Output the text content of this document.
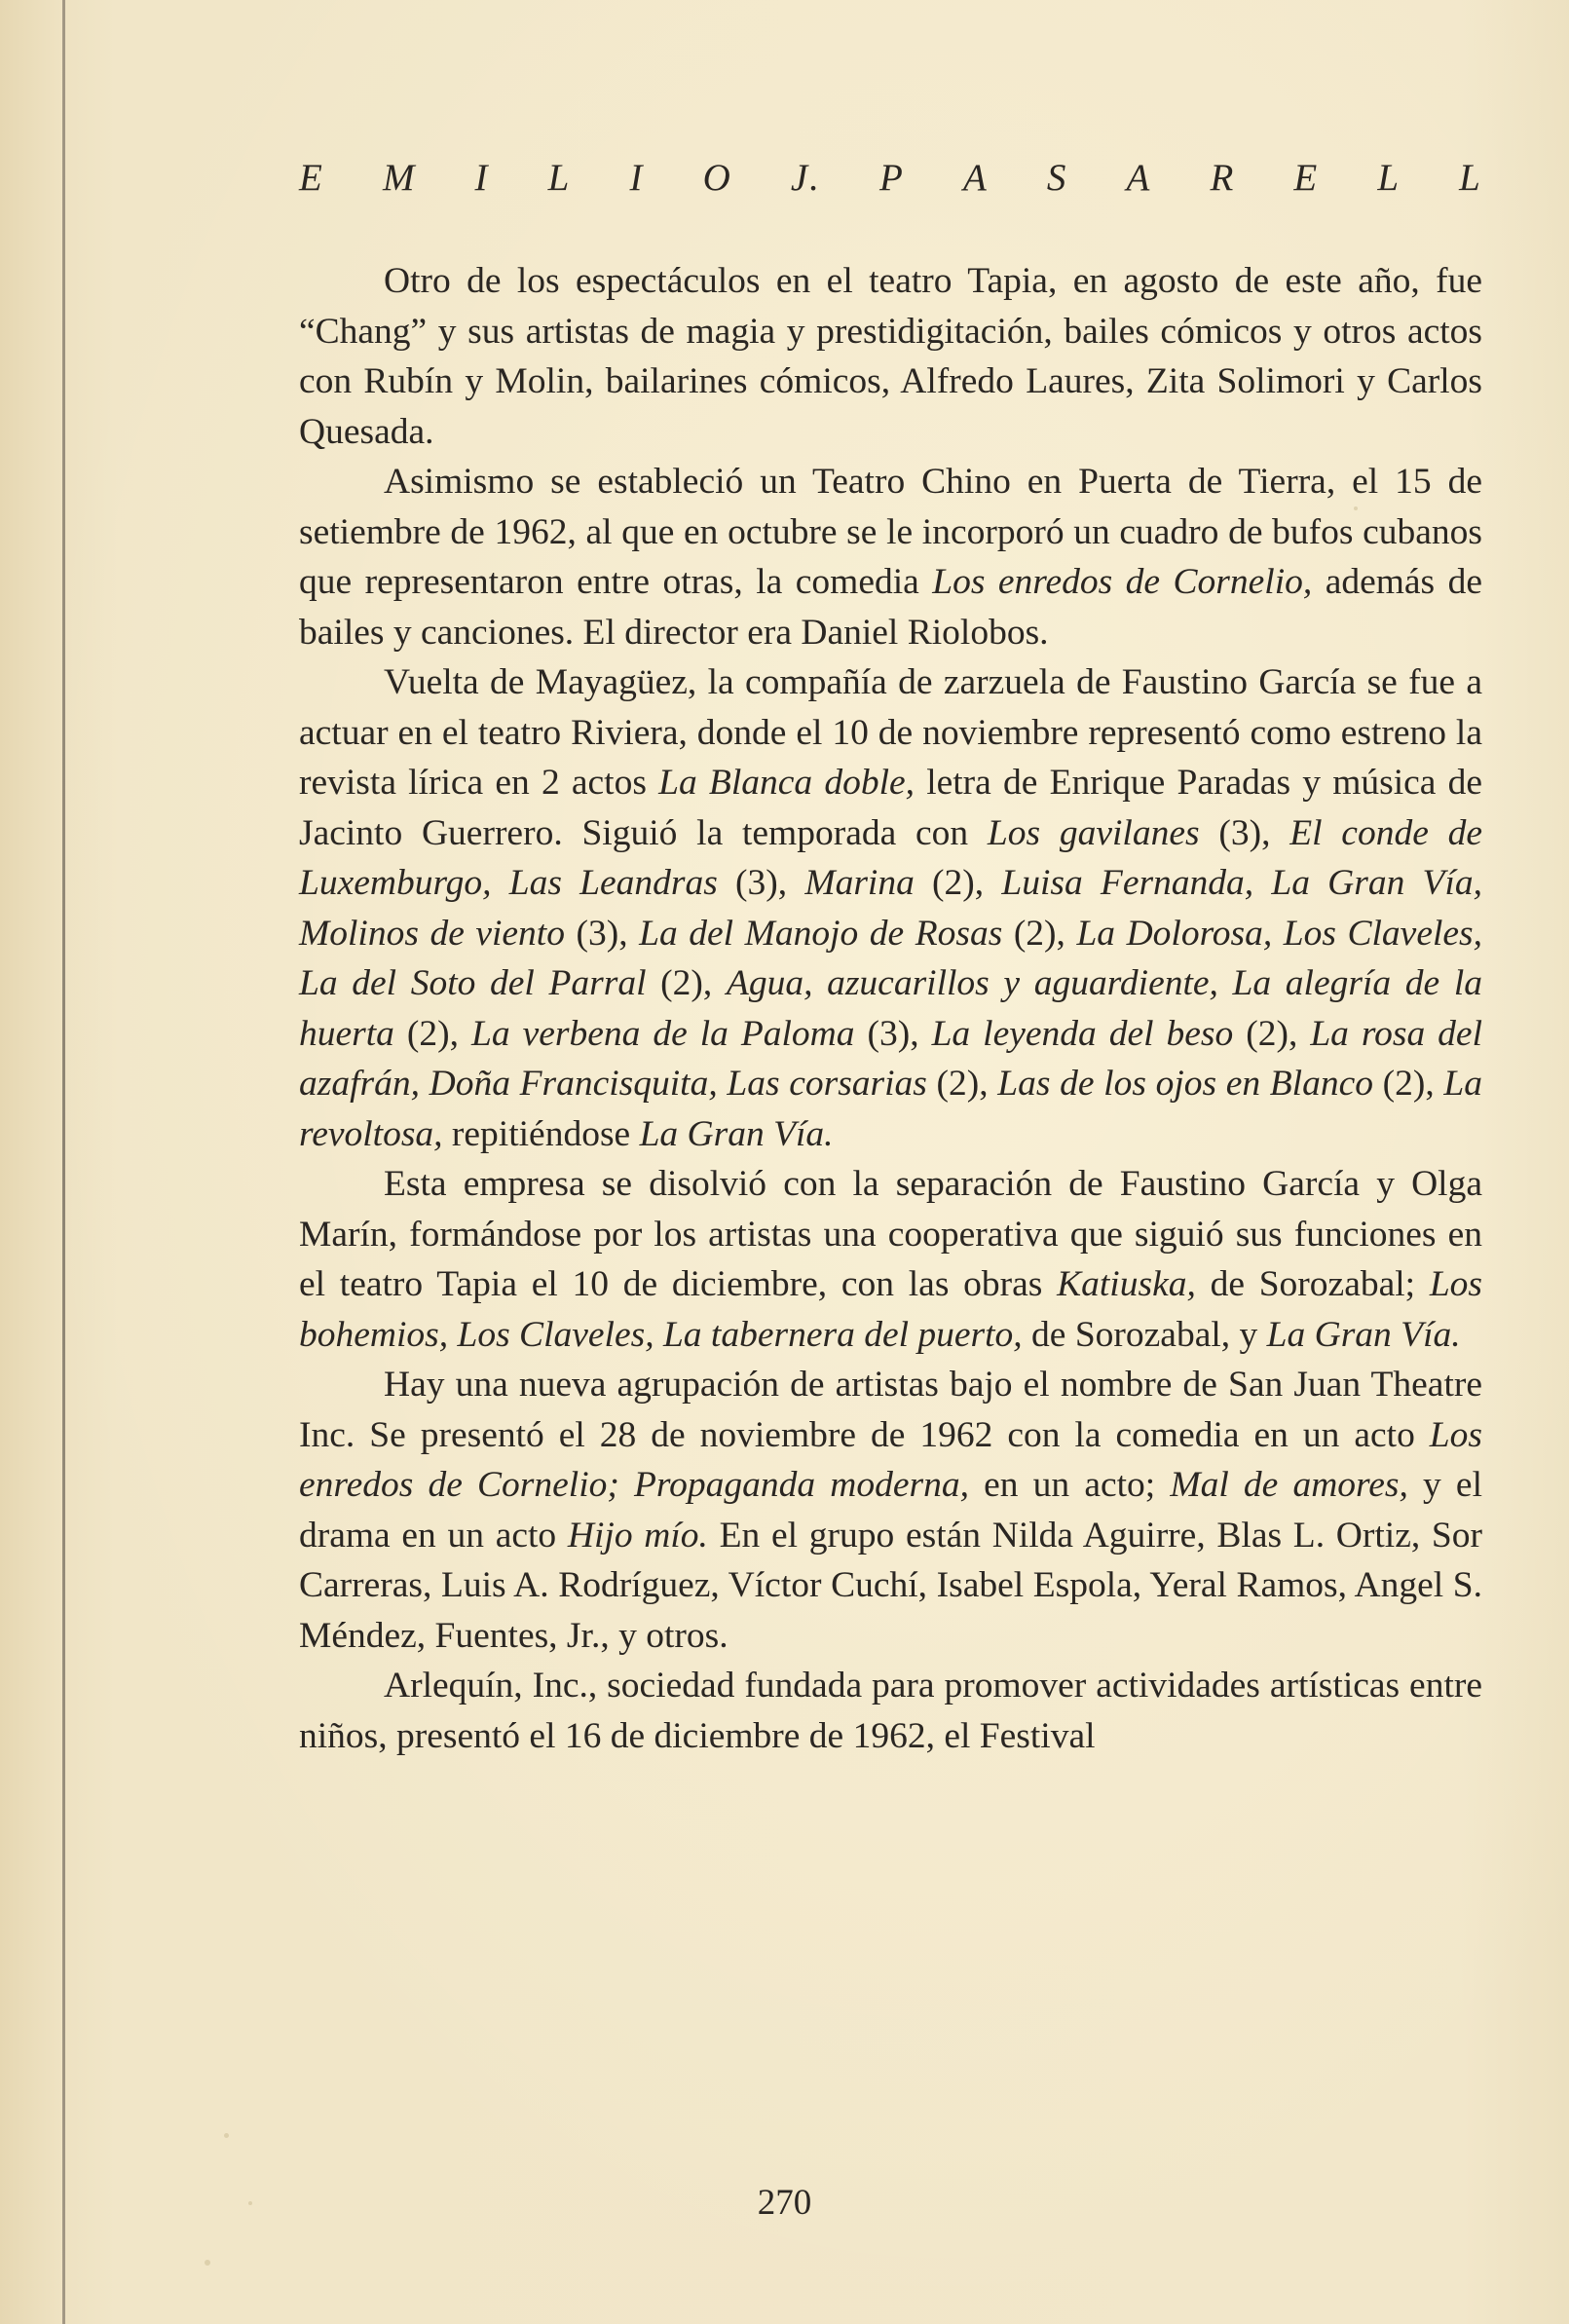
E M I L I O J. P A S A R E L L

Otro de los espectáculos en el teatro Tapia, en agosto de este año, fue “Chang” y sus artistas de magia y prestidigitación, bailes cómicos y otros actos con Rubín y Molin, bailarines cómicos, Alfredo Laures, Zita Solimori y Carlos Quesada.

Asimismo se estableció un Teatro Chino en Puerta de Tierra, el 15 de setiembre de 1962, al que en octubre se le incorporó un cuadro de bufos cubanos que representaron entre otras, la comedia Los enredos de Cornelio, además de bailes y canciones. El director era Daniel Riolobos.

Vuelta de Mayagüez, la compañía de zarzuela de Faustino García se fue a actuar en el teatro Riviera, donde el 10 de noviembre representó como estreno la revista lírica en 2 actos La Blanca doble, letra de Enrique Paradas y música de Jacinto Guerrero. Siguió la temporada con Los gavilanes (3), El conde de Luxemburgo, Las Leandras (3), Marina (2), Luisa Fernanda, La Gran Vía, Molinos de viento (3), La del Manojo de Rosas (2), La Dolorosa, Los Claveles, La del Soto del Parral (2), Agua, azucarillos y aguardiente, La alegría de la huerta (2), La verbena de la Paloma (3), La leyenda del beso (2), La rosa del azafrán, Doña Francisquita, Las corsarias (2), Las de los ojos en Blanco (2), La revoltosa, repitiéndose La Gran Vía.

Esta empresa se disolvió con la separación de Faustino García y Olga Marín, formándose por los artistas una cooperativa que siguió sus funciones en el teatro Tapia el 10 de diciembre, con las obras Katiuska, de Sorozabal; Los bohemios, Los Claveles, La tabernera del puerto, de Sorozabal, y La Gran Vía.

Hay una nueva agrupación de artistas bajo el nombre de San Juan Theatre Inc. Se presentó el 28 de noviembre de 1962 con la comedia en un acto Los enredos de Cornelio; Propaganda moderna, en un acto; Mal de amores, y el drama en un acto Hijo mío. En el grupo están Nilda Aguirre, Blas L. Ortiz, Sor Carreras, Luis A. Rodríguez, Víctor Cuchí, Isabel Espola, Yeral Ramos, Angel S. Méndez, Fuentes, Jr., y otros.

Arlequín, Inc., sociedad fundada para promover actividades artísticas entre niños, presentó el 16 de diciembre de 1962, el Festival

270
